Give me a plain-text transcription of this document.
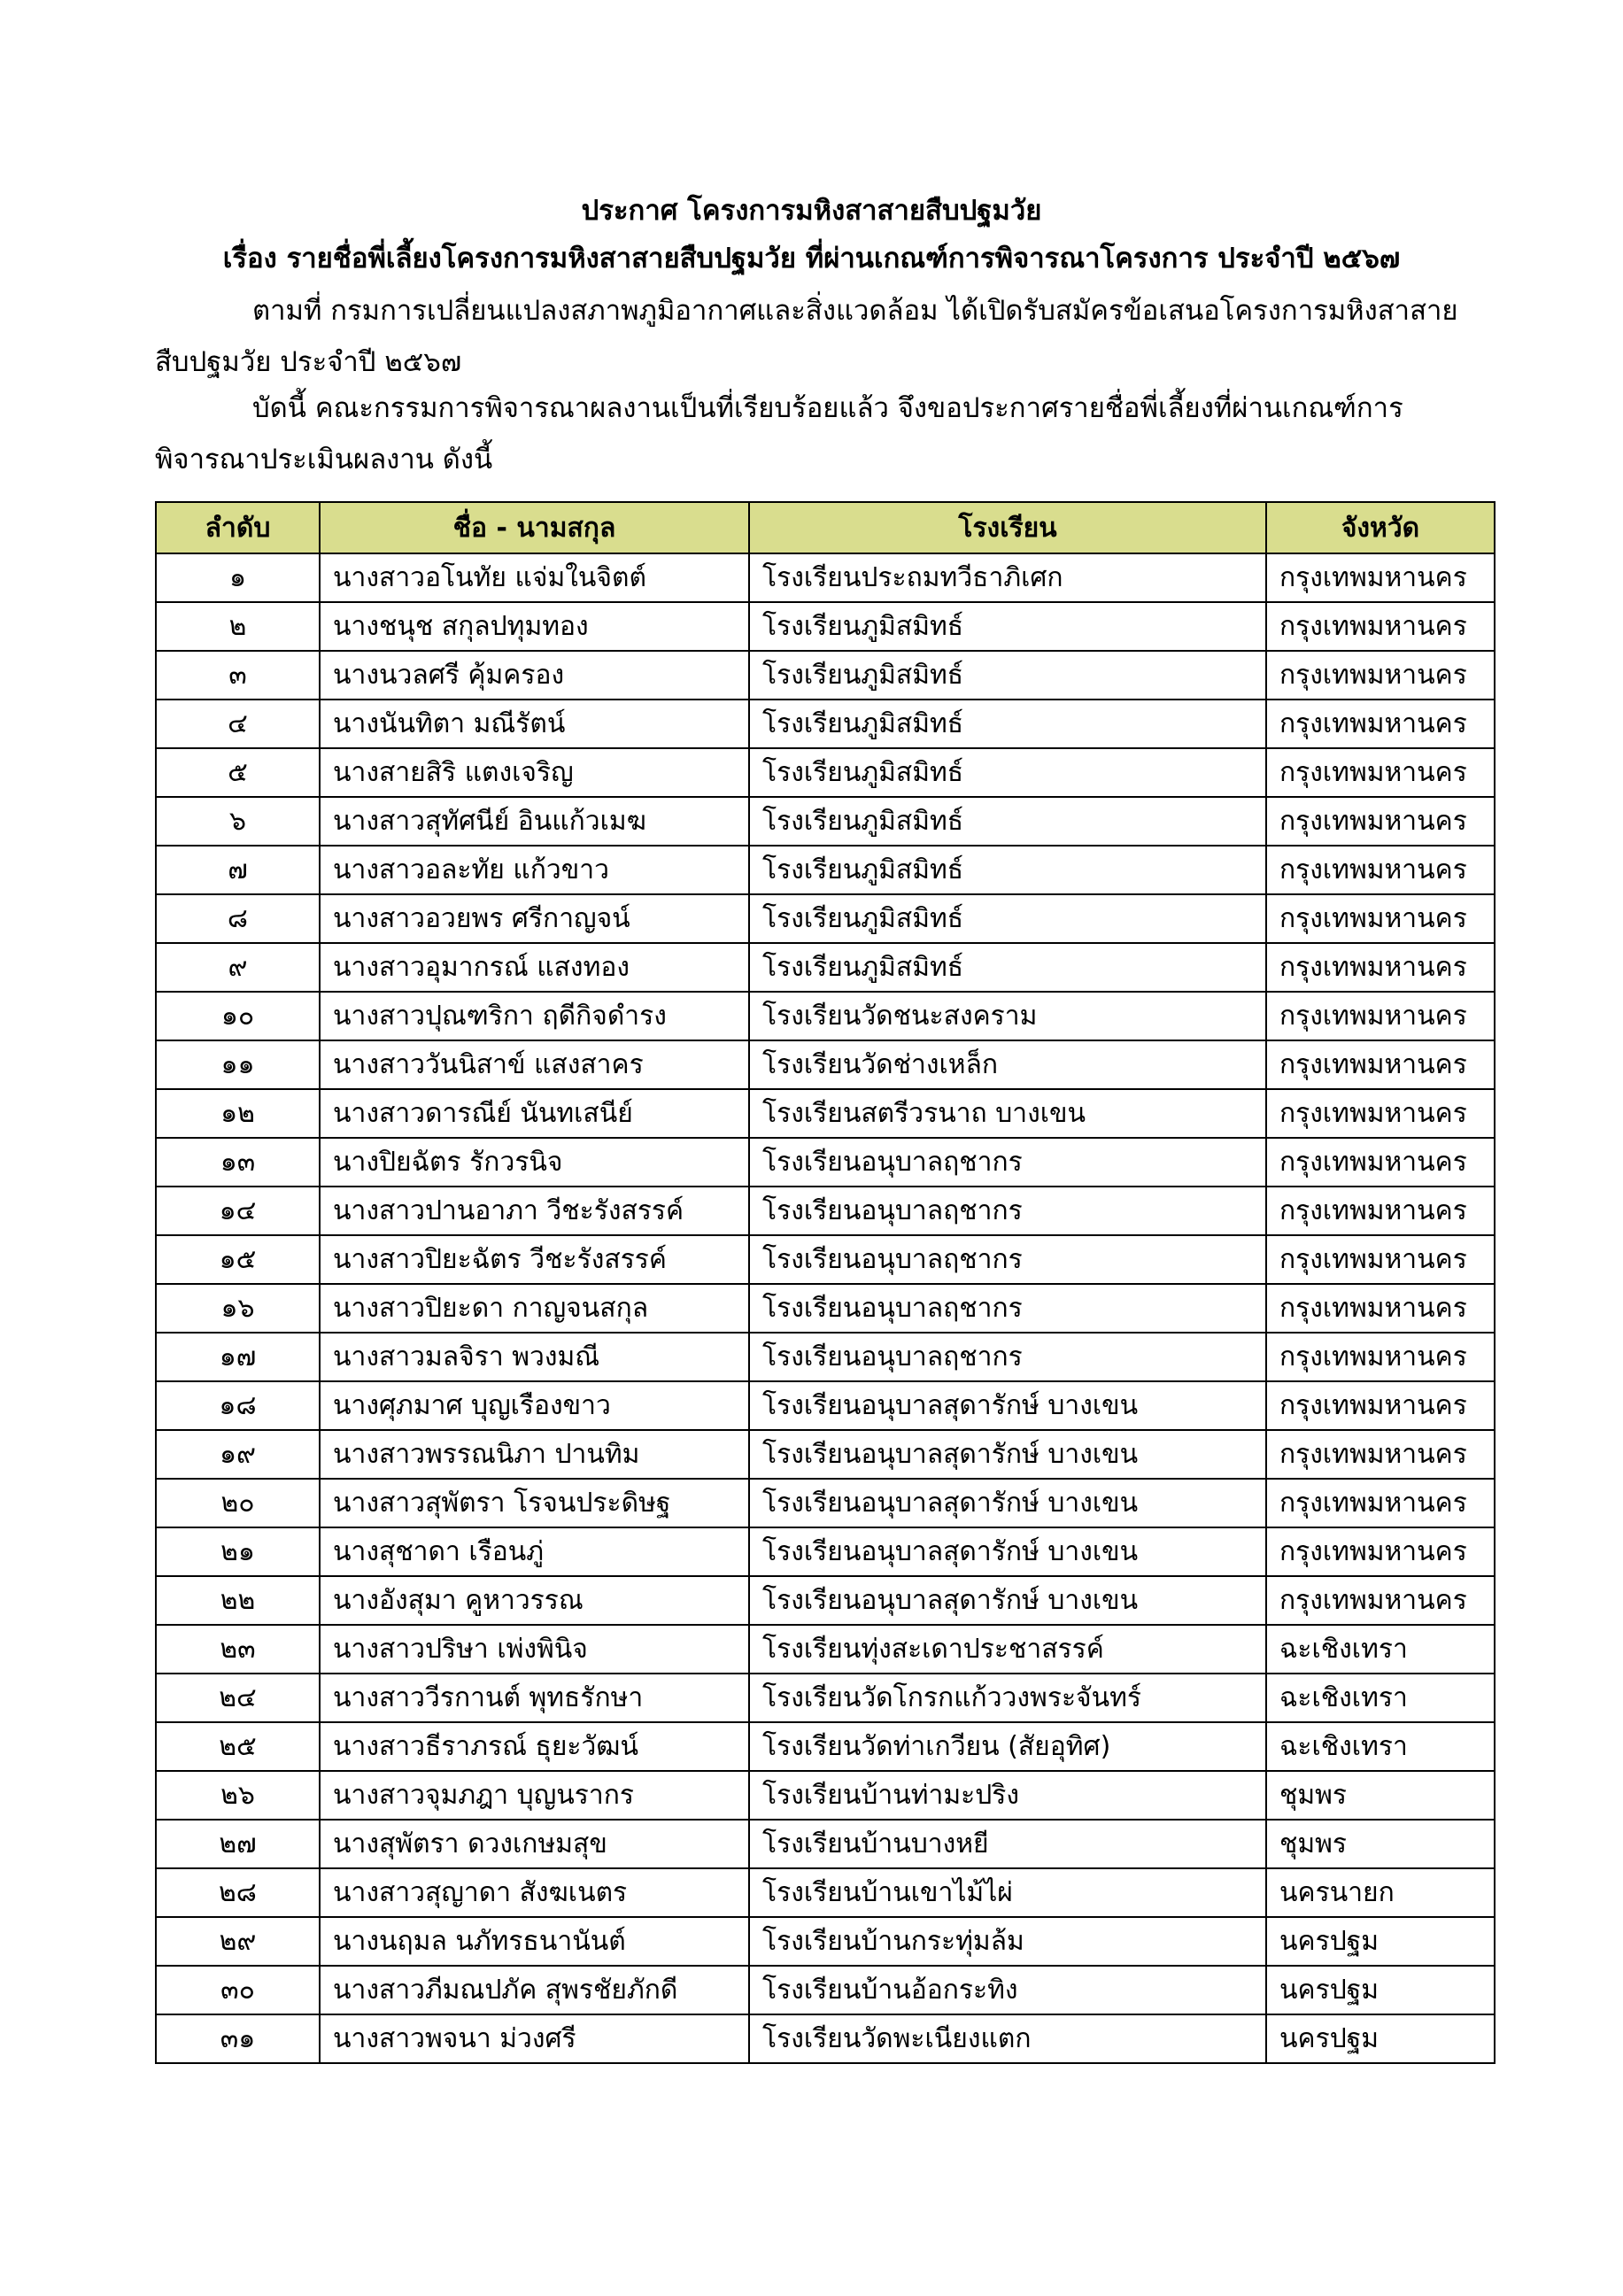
ประกาศ โครงการมหิงสาสายสืบปฐมวัย
เรื่อง รายชื่อพี่เลี้ยงโครงการมหิงสาสายสืบปฐมวัย ที่ผ่านเกณฑ์การพิจารณาโครงการ ประจำปี ๒๕๖๗
ตามที่ กรมการเปลี่ยนแปลงสภาพภูมิอากาศและสิ่งแวดล้อม ได้เปิดรับสมัครข้อเสนอโครงการมหิงสาสายสืบปฐมวัย ประจำปี ๒๕๖๗
บัดนี้ คณะกรรมการพิจารณาผลงานเป็นที่เรียบร้อยแล้ว จึงขอประกาศรายชื่อพี่เลี้ยงที่ผ่านเกณฑ์การพิจารณาประเมินผลงาน ดังนี้
ลำดับ	ชื่อ - นามสกุล	โรงเรียน	จังหวัด
๑	นางสาวอโนทัย แจ่มในจิตต์	โรงเรียนประถมทวีธาภิเศก	กรุงเทพมหานคร
๒	นางชนุช สกุลปทุมทอง	โรงเรียนภูมิสมิทธ์	กรุงเทพมหานคร
๓	นางนวลศรี คุ้มครอง	โรงเรียนภูมิสมิทธ์	กรุงเทพมหานคร
๔	นางนันทิตา มณีรัตน์	โรงเรียนภูมิสมิทธ์	กรุงเทพมหานคร
๕	นางสายสิริ แตงเจริญ	โรงเรียนภูมิสมิทธ์	กรุงเทพมหานคร
๖	นางสาวสุทัศนีย์ อินแก้วเมฆ	โรงเรียนภูมิสมิทธ์	กรุงเทพมหานคร
๗	นางสาวอละทัย แก้วขาว	โรงเรียนภูมิสมิทธ์	กรุงเทพมหานคร
๘	นางสาวอวยพร ศรีกาญจน์	โรงเรียนภูมิสมิทธ์	กรุงเทพมหานคร
๙	นางสาวอุมากรณ์ แสงทอง	โรงเรียนภูมิสมิทธ์	กรุงเทพมหานคร
๑๐	นางสาวปุณฑริกา ฤดีกิจดำรง	โรงเรียนวัดชนะสงคราม	กรุงเทพมหานคร
๑๑	นางสาววันนิสาข์ แสงสาคร	โรงเรียนวัดช่างเหล็ก	กรุงเทพมหานคร
๑๒	นางสาวดารณีย์ นันทเสนีย์	โรงเรียนสตรีวรนาถ บางเขน	กรุงเทพมหานคร
๑๓	นางปิยฉัตร รักวรนิจ	โรงเรียนอนุบาลฤชากร	กรุงเทพมหานคร
๑๔	นางสาวปานอาภา วีชะรังสรรค์	โรงเรียนอนุบาลฤชากร	กรุงเทพมหานคร
๑๕	นางสาวปิยะฉัตร วีชะรังสรรค์	โรงเรียนอนุบาลฤชากร	กรุงเทพมหานคร
๑๖	นางสาวปิยะดา กาญจนสกุล	โรงเรียนอนุบาลฤชากร	กรุงเทพมหานคร
๑๗	นางสาวมลจิรา พวงมณี	โรงเรียนอนุบาลฤชากร	กรุงเทพมหานคร
๑๘	นางศุภมาศ บุญเรืองขาว	โรงเรียนอนุบาลสุดารักษ์ บางเขน	กรุงเทพมหานคร
๑๙	นางสาวพรรณนิภา ปานทิม	โรงเรียนอนุบาลสุดารักษ์ บางเขน	กรุงเทพมหานคร
๒๐	นางสาวสุพัตรา โรจนประดิษฐ	โรงเรียนอนุบาลสุดารักษ์ บางเขน	กรุงเทพมหานคร
๒๑	นางสุชาดา เรือนภู่	โรงเรียนอนุบาลสุดารักษ์ บางเขน	กรุงเทพมหานคร
๒๒	นางอังสุมา คูหาวรรณ	โรงเรียนอนุบาลสุดารักษ์ บางเขน	กรุงเทพมหานคร
๒๓	นางสาวปริษา เพ่งพินิจ	โรงเรียนทุ่งสะเดาประชาสรรค์	ฉะเชิงเทรา
๒๔	นางสาววีรกานต์ พุทธรักษา	โรงเรียนวัดโกรกแก้ววงพระจันทร์	ฉะเชิงเทรา
๒๕	นางสาวธีราภรณ์ ธุยะวัฒน์	โรงเรียนวัดท่าเกวียน (สัยอุทิศ)	ฉะเชิงเทรา
๒๖	นางสาวจุมภฎา บุญนรากร	โรงเรียนบ้านท่ามะปริง	ชุมพร
๒๗	นางสุพัตรา ดวงเกษมสุข	โรงเรียนบ้านบางหยี	ชุมพร
๒๘	นางสาวสุญาดา สังฆเนตร	โรงเรียนบ้านเขาไม้ไผ่	นครนายก
๒๙	นางนฤมล นภัทรธนานันต์	โรงเรียนบ้านกระทุ่มล้ม	นครปฐม
๓๐	นางสาวภีมณปภัค สุพรชัยภักดี	โรงเรียนบ้านอ้อกระทิง	นครปฐม
๓๑	นางสาวพจนา ม่วงศรี	โรงเรียนวัดพะเนียงแตก	นครปฐม
